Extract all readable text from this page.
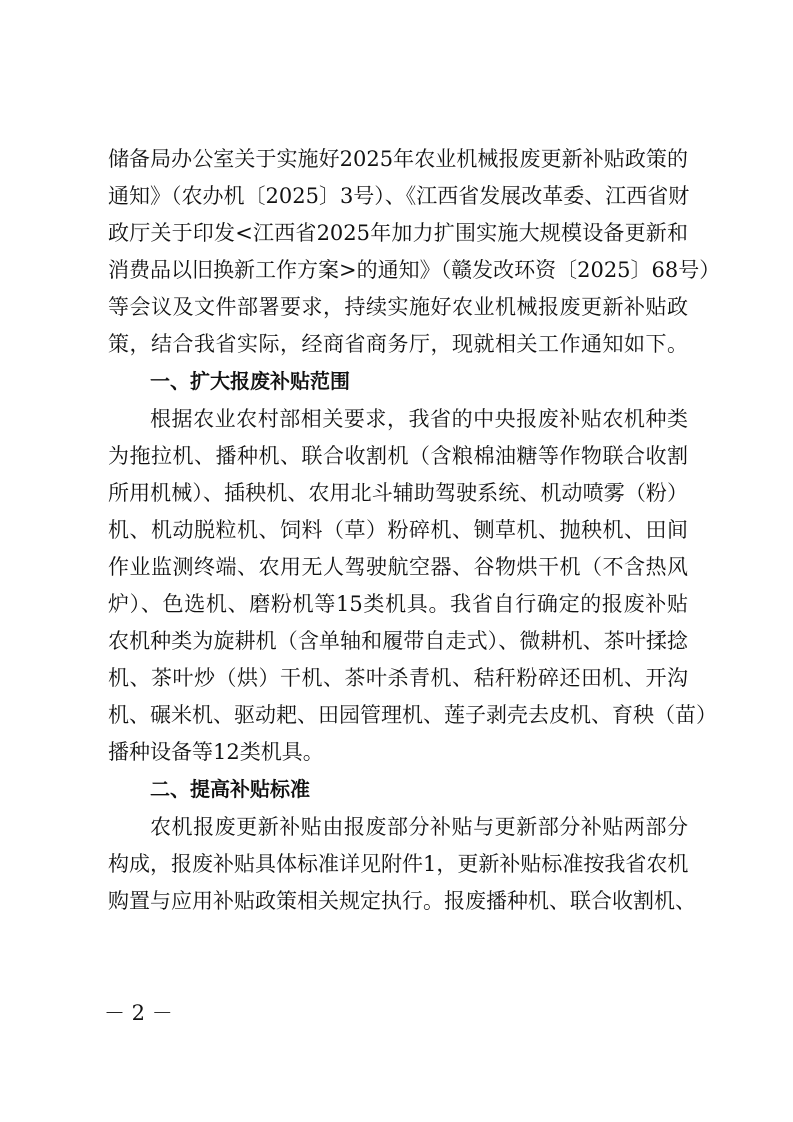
储备局办公室关于实施好2025年农业机械报废更新补贴政策的
通知》（农办机〔2025〕3号）、《江西省发展改革委、江西省财
政厅关于印发<江西省2025年加力扩围实施大规模设备更新和
消费品以旧换新工作方案>的通知》（赣发改环资〔2025〕68号）
等会议及文件部署要求，持续实施好农业机械报废更新补贴政
策，结合我省实际，经商省商务厅，现就相关工作通知如下。
一、扩大报废补贴范围
根据农业农村部相关要求，我省的中央报废补贴农机种类
为拖拉机、播种机、联合收割机（含粮棉油糖等作物联合收割
所用机械）、插秧机、农用北斗辅助驾驶系统、机动喷雾（粉）
机、机动脱粒机、饲料（草）粉碎机、铡草机、抛秧机、田间
作业监测终端、农用无人驾驶航空器、谷物烘干机（不含热风
炉）、色选机、磨粉机等15类机具。我省自行确定的报废补贴
农机种类为旋耕机（含单轴和履带自走式）、微耕机、茶叶揉捻
机、茶叶炒（烘）干机、茶叶杀青机、秸秆粉碎还田机、开沟
机、碾米机、驱动耙、田园管理机、莲子剥壳去皮机、育秧（苗）
播种设备等12类机具。
二、提高补贴标准
农机报废更新补贴由报废部分补贴与更新部分补贴两部分
构成，报废补贴具体标准详见附件1，更新补贴标准按我省农机
购置与应用补贴政策相关规定执行。报废播种机、联合收割机、
－ 2 －
